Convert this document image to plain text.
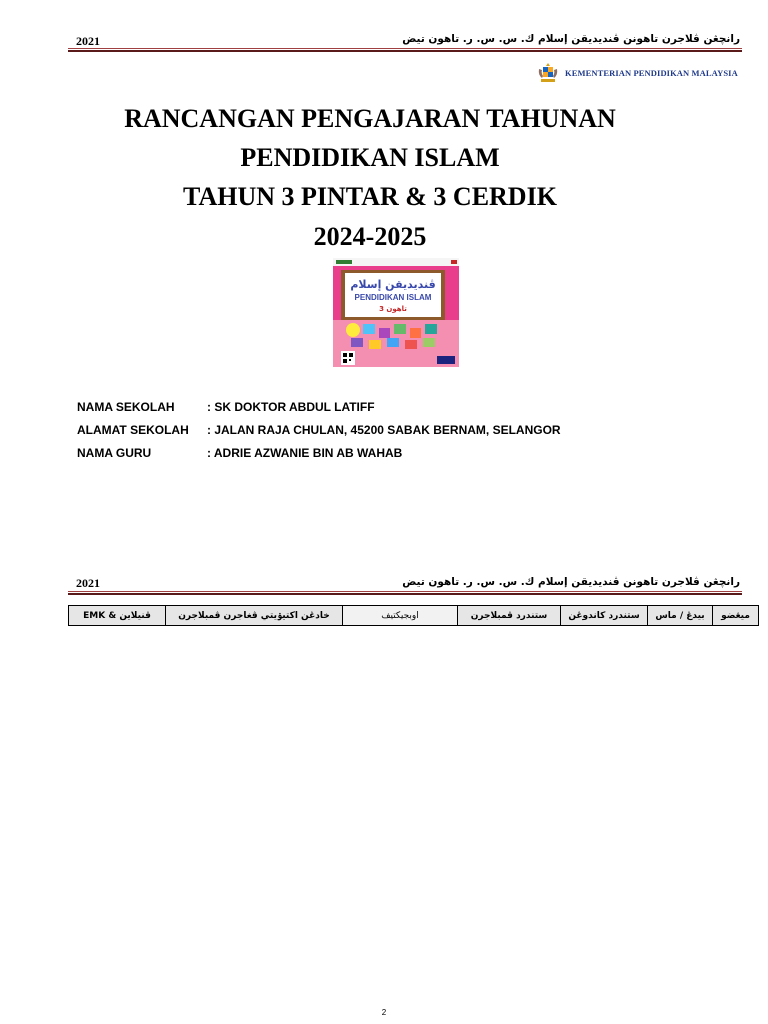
2021	رانچڠن ڤلاجرن تاهونن ڤنديديقن إسلام ك. س. س. ر. تاهون تيض
KEMENTERIAN PENDIDIKAN MALAYSIA
RANCANGAN PENGAJARAN TAHUNAN
PENDIDIKAN ISLAM
TAHUN 3 PINTAR & 3 CERDIK
2024-2025
ڤنديديقن إسلام
PENDIDIKAN ISLAM
تاهون 3
NAMA SEKOLAH	: SK DOKTOR ABDUL LATIFF
ALAMAT SEKOLAH	: JALAN RAJA CHULAN, 45200 SABAK BERNAM, SELANGOR
NAMA GURU	: ADRIE AZWANIE BIN AB WAHAB
2021	رانچڠن ڤلاجرن تاهونن ڤنديديقن إسلام ك. س. س. ر. تاهون تيض
EMK & ڤنيلاين	خادڠن اكتيۏيتي ڤغاجرن ڤمبلاجرن	اوبجيكتيف	ستندرد ڤمبلاجرن	ستندرد كاندوڠن	بيدڠ / ماس	ميڠضو
2
